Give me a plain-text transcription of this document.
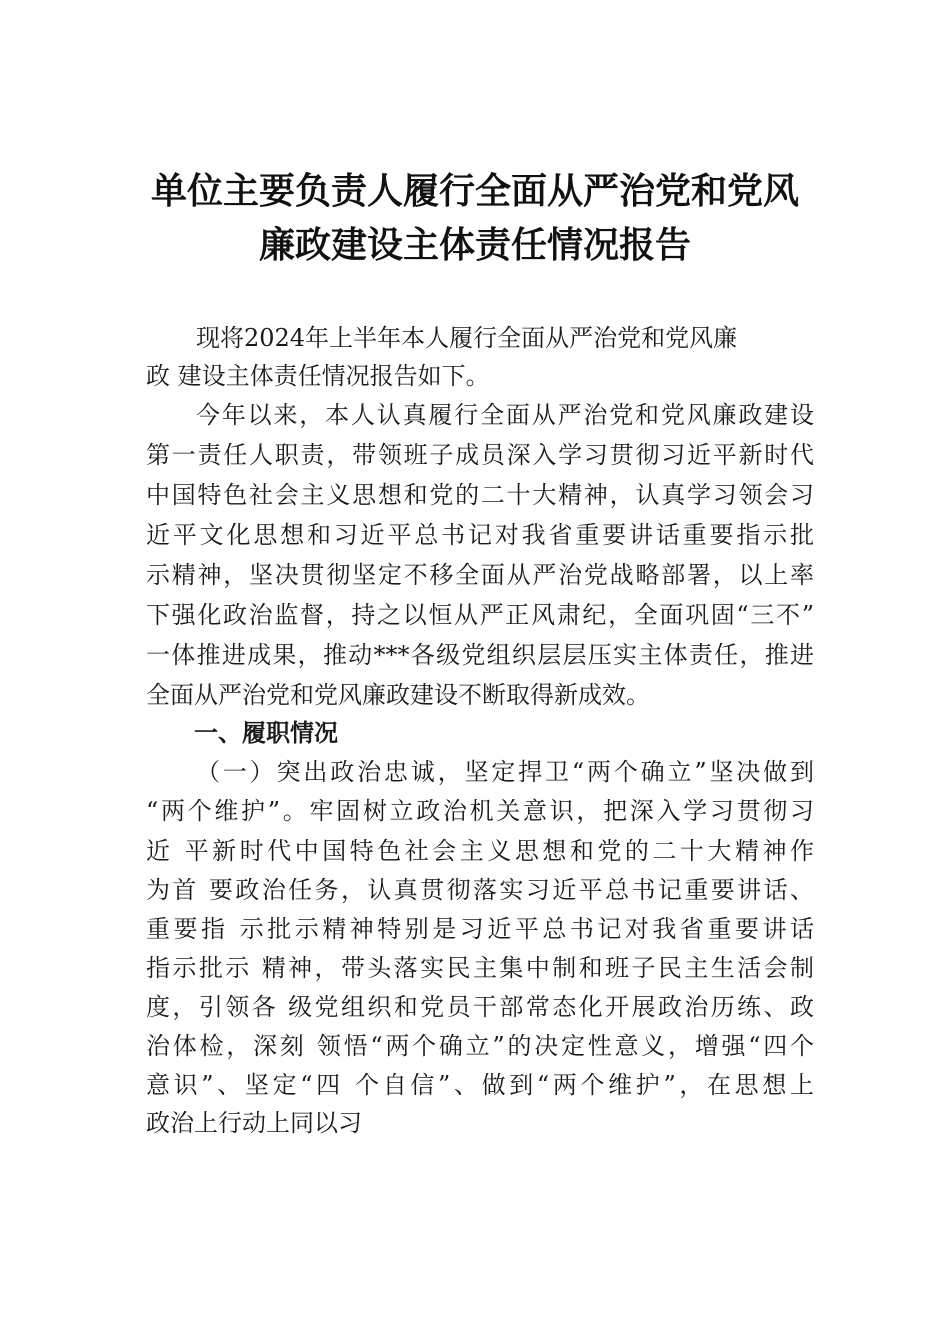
单位主要负责人履行全面从严治党和党风
廉政建设主体责任情况报告
现将2024年上半年本人履行全面从严治党和党风廉
政 建设主体责任情况报告如下。
今年以来，本人认真履行全面从严治党和党风廉政建设
第一责任人职责，带领班子成员深入学习贯彻习近平新时代
中国特色社会主义思想和党的二十大精神，认真学习领会习
近平文化思想和习近平总书记对我省重要讲话重要指示批
示精神，坚决贯彻坚定不移全面从严治党战略部署，以上率
下强化政治监督，持之以恒从严正风肃纪，全面巩固“三不”
一体推进成果，推动***各级党组织层层压实主体责任，推进
全面从严治党和党风廉政建设不断取得新成效。
一、履职情况
（一）突出政治忠诚，坚定捍卫“两个确立”坚决做到
“两个维护”。牢固树立政治机关意识，把深入学习贯彻习
近 平新时代中国特色社会主义思想和党的二十大精神作
为首 要政治任务，认真贯彻落实习近平总书记重要讲话、
重要指 示批示精神特别是习近平总书记对我省重要讲话
指示批示 精神，带头落实民主集中制和班子民主生活会制
度，引领各 级党组织和党员干部常态化开展政治历练、政
治体检，深刻 领悟“两个确立”的决定性意义，增强“四个
意识”、坚定“四 个自信”、做到“两个维护”，在思想上
政治上行动上同以习
